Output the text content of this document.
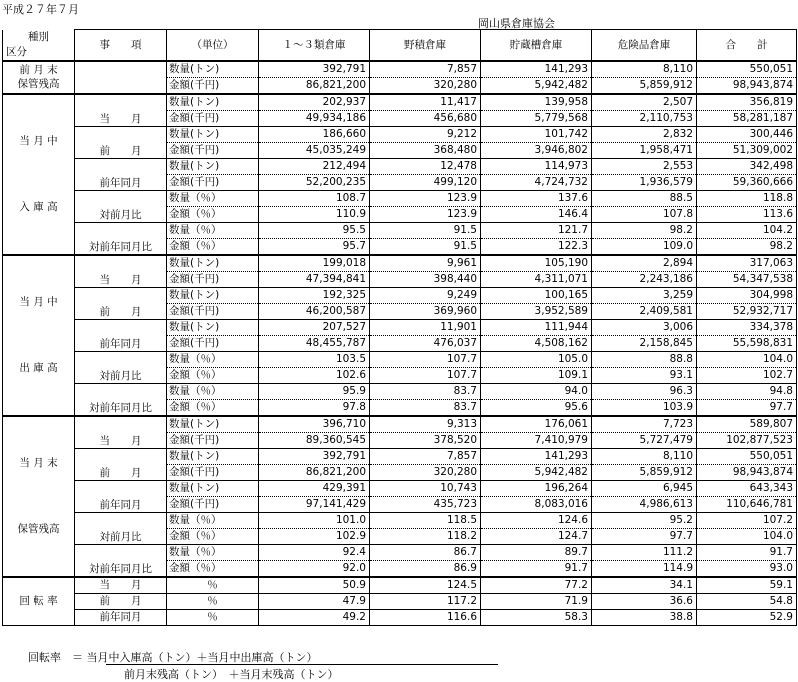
平成２７年７月
岡山県倉庫協会
種別	事　　項	（単位）	１～３類倉庫	野積倉庫	貯蔵槽倉庫	危険品倉庫	合　　計
区分							

前 月 末
保管残高		数量(トン)	392,791	7,857	141,293	8,110	550,051
		金額(千円)	86,821,200	320,280	5,942,482	5,859,912	98,943,874

当 月 中
入 庫 高	当　　月	数量(トン)	202,937	11,417	139,958	2,507	356,819
		金額(千円)	49,934,186	456,680	5,779,568	2,110,753	58,281,187
	前　　月	数量(トン)	186,660	9,212	101,742	2,832	300,446
		金額(千円)	45,035,249	368,480	3,946,802	1,958,471	51,309,002
	前年同月	数量(トン)	212,494	12,478	114,973	2,553	342,498
		金額(千円)	52,200,235	499,120	4,724,732	1,936,579	59,360,666
	対前月比	数量（％）	108.7	123.9	137.6	88.5	118.8
		金額（％）	110.9	123.9	146.4	107.8	113.6
	対前年同月比	数量（％）	95.5	91.5	121.7	98.2	104.2
		金額（％）	95.7	91.5	122.3	109.0	98.2

当 月 中
出 庫 高	当　　月	数量(トン)	199,018	9,961	105,190	2,894	317,063
		金額(千円)	47,394,841	398,440	4,311,071	2,243,186	54,347,538
	前　　月	数量(トン)	192,325	9,249	100,165	3,259	304,998
		金額(千円)	46,200,587	369,960	3,952,589	2,409,581	52,932,717
	前年同月	数量(トン)	207,527	11,901	111,944	3,006	334,378
		金額(千円)	48,455,787	476,037	4,508,162	2,158,845	55,598,831
	対前月比	数量（％）	103.5	107.7	105.0	88.8	104.0
		金額（％）	102.6	107.7	109.1	93.1	102.7
	対前年同月比	数量（％）	95.9	83.7	94.0	96.3	94.8
		金額（％）	97.8	83.7	95.6	103.9	97.7

当 月 末
保管残高	当　　月	数量(トン)	396,710	9,313	176,061	7,723	589,807
		金額(千円)	89,360,545	378,520	7,410,979	5,727,479	102,877,523
	前　　月	数量(トン)	392,791	7,857	141,293	8,110	550,051
		金額(千円)	86,821,200	320,280	5,942,482	5,859,912	98,943,874
	前年同月	数量(トン)	429,391	10,743	196,264	6,945	643,343
		金額(千円)	97,141,429	435,723	8,083,016	4,986,613	110,646,781
	対前月比	数量（％）	101.0	118.5	124.6	95.2	107.2
		金額（％）	102.9	118.2	124.7	97.7	104.0
	対前年同月比	数量（％）	92.4	86.7	89.7	111.2	91.7
		金額（％）	92.0	86.9	91.7	114.9	93.0
回 転 率	当　　月	％	50.9	124.5	77.2	34.1	59.1
	前　　月	％	47.9	117.2	71.9	36.6	54.8
	前年同月	％	49.2	116.6	58.3	38.8	52.9
回転率　＝ 当月中入庫高（トン）＋当月中出庫高（トン）
前月末残高（トン）　＋当月末残高（トン）
